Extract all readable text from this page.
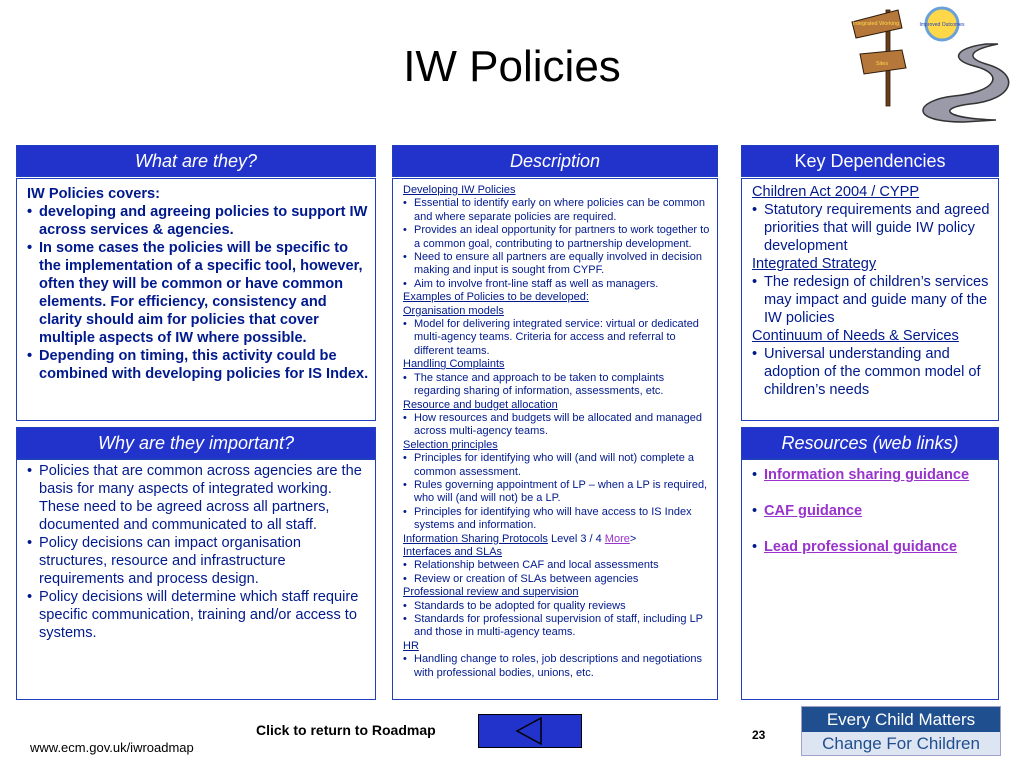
Integrated Working
Sites
Improved Outcomes
IW Policies
What are they?
IW Policies covers:
• developing and agreeing policies to support IW across services & agencies.
• In some cases the policies will be specific to the implementation of a specific tool, however, often they will be common or have common elements. For efficiency, consistency and clarity should aim for policies that cover multiple aspects of IW where possible.
• Depending on timing, this activity could be combined with developing policies for IS Index.
Why are they important?
• Policies that are common across agencies are the basis for many aspects of integrated working. These need to be agreed across all partners, documented and communicated to all staff.
• Policy decisions can impact organisation structures, resource and infrastructure requirements and process design.
• Policy decisions will determine which staff require specific communication, training and/or access to systems.
Description
Developing IW Policies
• Essential to identify early on where policies can be common and where separate policies are required.
• Provides an ideal opportunity for partners to work together to a common goal, contributing to partnership development.
• Need to ensure all partners are equally involved in decision making and input is sought from CYPF.
• Aim to involve front-line staff as well as managers.
Examples of Policies to be developed:
Organisation models
• Model for delivering integrated service: virtual or dedicated multi-agency teams. Criteria for access and referral to different teams.
Handling Complaints
• The stance and approach to be taken to complaints regarding sharing of information, assessments, etc.
Resource and budget allocation
• How resources and budgets will be allocated and managed across multi-agency teams.
Selection principles
• Principles for identifying who will (and will not) complete a common assessment.
• Rules governing appointment of LP – when a LP is required, who will (and will not) be a LP.
• Principles for identifying who will have access to IS Index systems and information.
Information Sharing Protocols Level 3 / 4 More>
Interfaces and SLAs
• Relationship between CAF and local assessments
• Review or creation of SLAs between agencies
Professional review and supervision
• Standards to be adopted for quality reviews
• Standards for professional supervision of staff, including LP and those in multi-agency teams.
HR
• Handling change to roles, job descriptions and negotiations with professional bodies, unions, etc.
Key Dependencies
Children Act 2004 / CYPP
• Statutory requirements and agreed priorities that will guide IW policy development
Integrated Strategy
• The redesign of children’s services may impact and guide many of the IW policies
Continuum of Needs & Services
• Universal understanding and adoption of the common model of children’s needs
Resources (web links)
• Information sharing guidance
• CAF guidance
• Lead professional guidance
Click to return to Roadmap	23
www.ecm.gov.uk/iwroadmap
Every Child Matters
Change For Children
